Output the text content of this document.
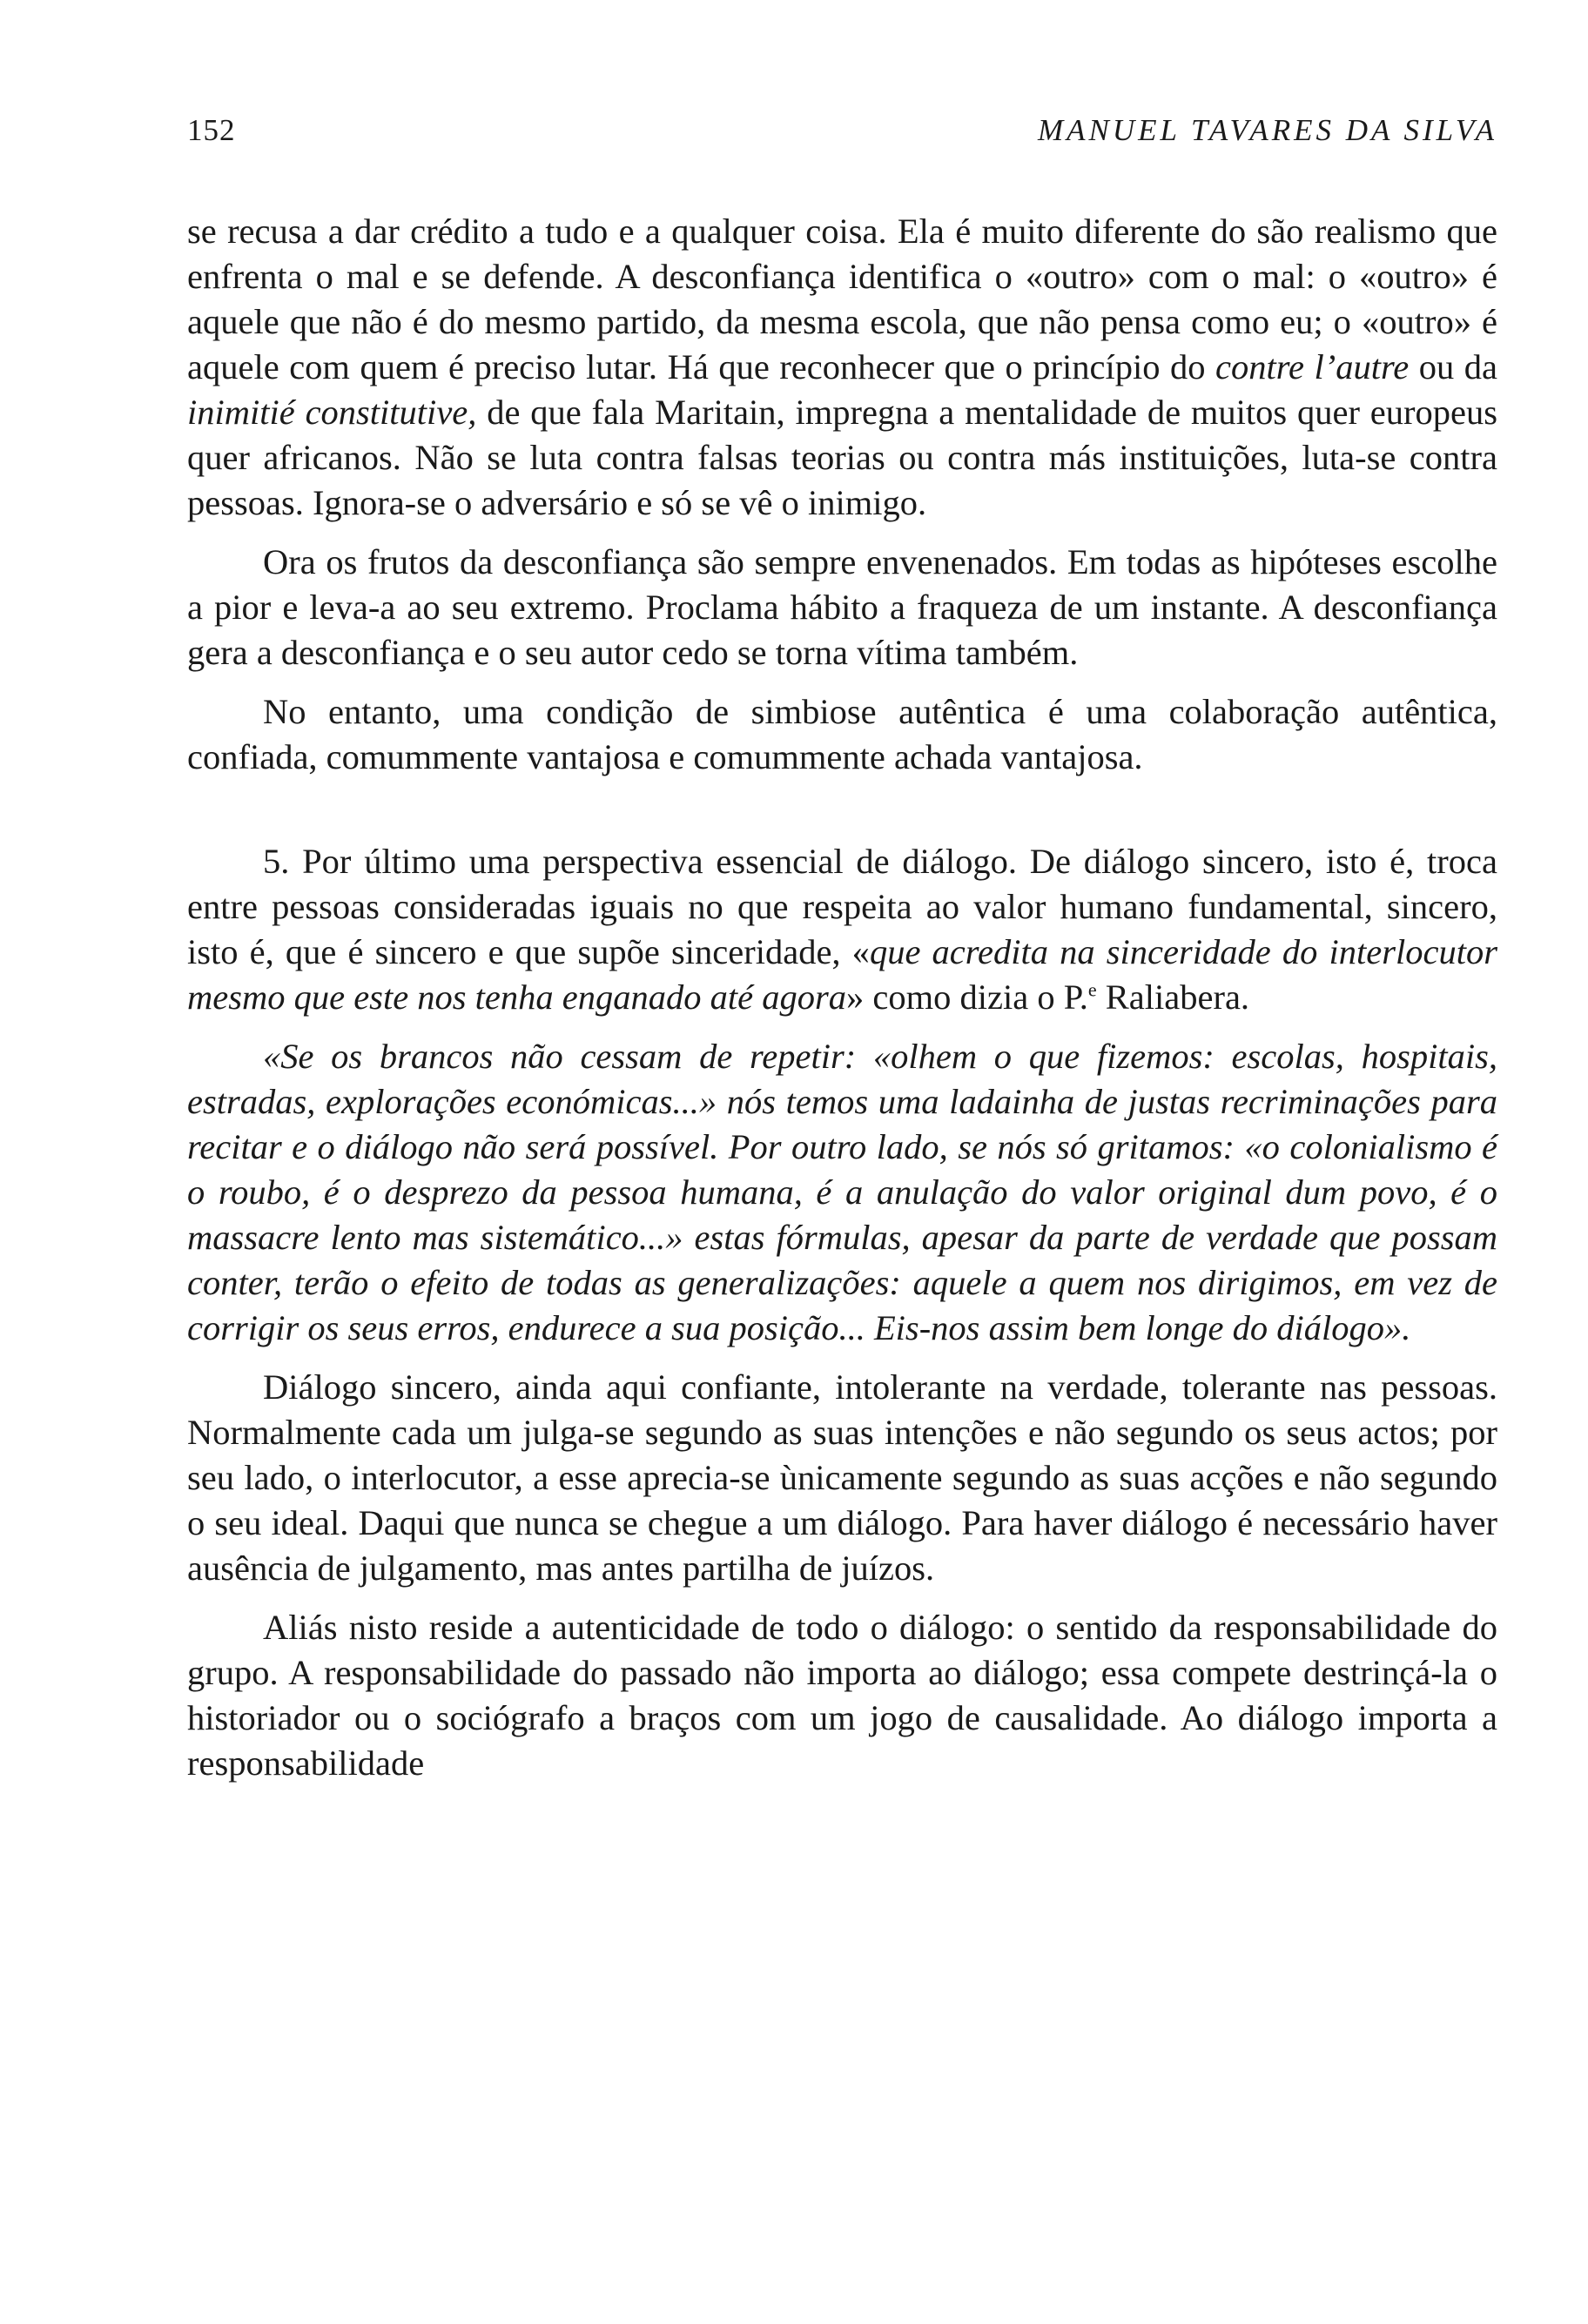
152	MANUEL TAVARES DA SILVA

se recusa a dar crédito a tudo e a qualquer coisa. Ela é muito diferente do são realismo que enfrenta o mal e se defende. A desconfiança identifica o «outro» com o mal: o «outro» é aquele que não é do mesmo partido, da mesma escola, que não pensa como eu; o «outro» é aquele com quem é preciso lutar. Há que reconhecer que o princípio do contre l’autre ou da inimitié constitutive, de que fala Maritain, impregna a mentalidade de muitos quer europeus quer africanos. Não se luta contra falsas teorias ou contra más instituições, luta-se contra pessoas. Ignora-se o adversário e só se vê o inimigo.

Ora os frutos da desconfiança são sempre envenenados. Em todas as hipóteses escolhe a pior e leva-a ao seu extremo. Proclama hábito a fraqueza de um instante. A desconfiança gera a desconfiança e o seu autor cedo se torna vítima também.

No entanto, uma condição de simbiose autêntica é uma colaboração autêntica, confiada, comummente vantajosa e comummente achada vantajosa.

5. Por último uma perspectiva essencial de diálogo. De diálogo sincero, isto é, troca entre pessoas consideradas iguais no que respeita ao valor humano fundamental, sincero, isto é, que é sincero e que supõe sinceridade, «que acredita na sinceridade do interlocutor mesmo que este nos tenha enganado até agora» como dizia o P.$^e$ Raliabera.

«Se os brancos não cessam de repetir: «olhem o que fizemos: escolas, hospitais, estradas, explorações económicas...» nós temos uma ladainha de justas recriminações para recitar e o diálogo não será possível. Por outro lado, se nós só gritamos: «o colonialismo é o roubo, é o desprezo da pessoa humana, é a anulação do valor original dum povo, é o massacre lento mas sistemático...» estas fórmulas, apesar da parte de verdade que possam conter, terão o efeito de todas as generalizações: aquele a quem nos dirigimos, em vez de corrigir os seus erros, endurece a sua posição... Eis-nos assim bem longe do diálogo».

Diálogo sincero, ainda aqui confiante, intolerante na verdade, tolerante nas pessoas. Normalmente cada um julga-se segundo as suas intenções e não segundo os seus actos; por seu lado, o interlocutor, a esse aprecia-se ùnicamente segundo as suas acções e não segundo o seu ideal. Daqui que nunca se chegue a um diálogo. Para haver diálogo é necessário haver ausência de julgamento, mas antes partilha de juízos.

Aliás nisto reside a autenticidade de todo o diálogo: o sentido da responsabilidade do grupo. A responsabilidade do passado não importa ao diálogo; essa compete destrinçá-la o historiador ou o sociógrafo a braços com um jogo de causalidade. Ao diálogo importa a responsabilidade
